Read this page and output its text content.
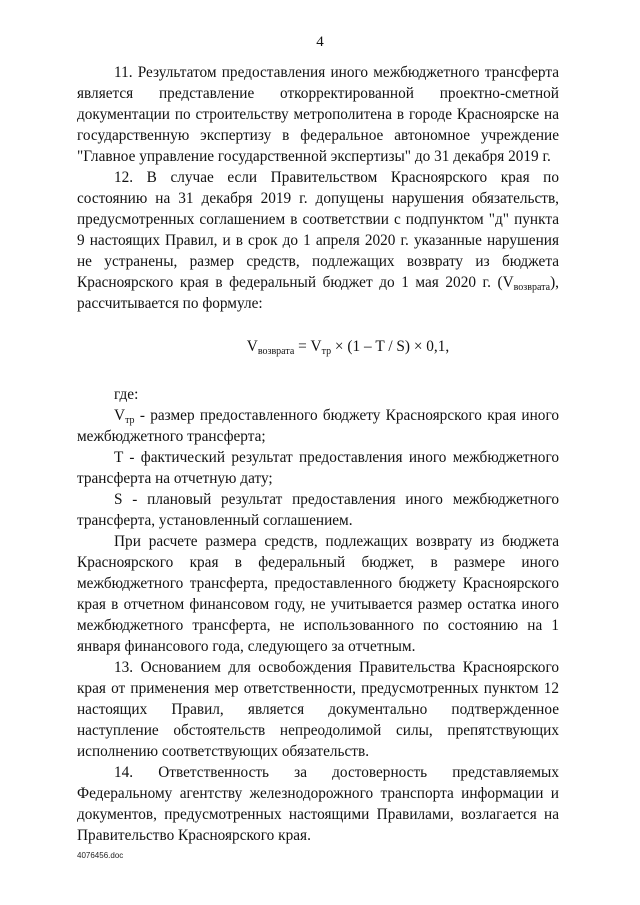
4

11. Результатом предоставления иного межбюджетного трансферта является представление откорректированной проектно-сметной документации по строительству метрополитена в городе Красноярске на государственную экспертизу в федеральное автономное учреждение "Главное управление государственной экспертизы" до 31 декабря 2019 г.

12. В случае если Правительством Красноярского края по состоянию на 31 декабря 2019 г. допущены нарушения обязательств, предусмотренных соглашением в соответствии с подпунктом "д" пункта 9 настоящих Правил, и в срок до 1 апреля 2020 г. указанные нарушения не устранены, размер средств, подлежащих возврату из бюджета Красноярского края в федеральный бюджет до 1 мая 2020 г. $(V_{возврата})$, рассчитывается по формуле:

$V_{возврата} = V_{тр} \times (1 - T / S) \times 0,1$,

где:

$V_{тр}$ - размер предоставленного бюджету Красноярского края иного межбюджетного трансферта;

T - фактический результат предоставления иного межбюджетного трансферта на отчетную дату;

S - плановый результат предоставления иного межбюджетного трансферта, установленный соглашением.

При расчете размера средств, подлежащих возврату из бюджета Красноярского края в федеральный бюджет, в размере иного межбюджетного трансферта, предоставленного бюджету Красноярского края в отчетном финансовом году, не учитывается размер остатка иного межбюджетного трансферта, не использованного по состоянию на 1 января финансового года, следующего за отчетным.

13. Основанием для освобождения Правительства Красноярского края от применения мер ответственности, предусмотренных пунктом 12 настоящих Правил, является документально подтвержденное наступление обстоятельств непреодолимой силы, препятствующих исполнению соответствующих обязательств.

14. Ответственность за достоверность представляемых Федеральному агентству железнодорожного транспорта информации и документов, предусмотренных настоящими Правилами, возлагается на Правительство Красноярского края.

4076456.doc
